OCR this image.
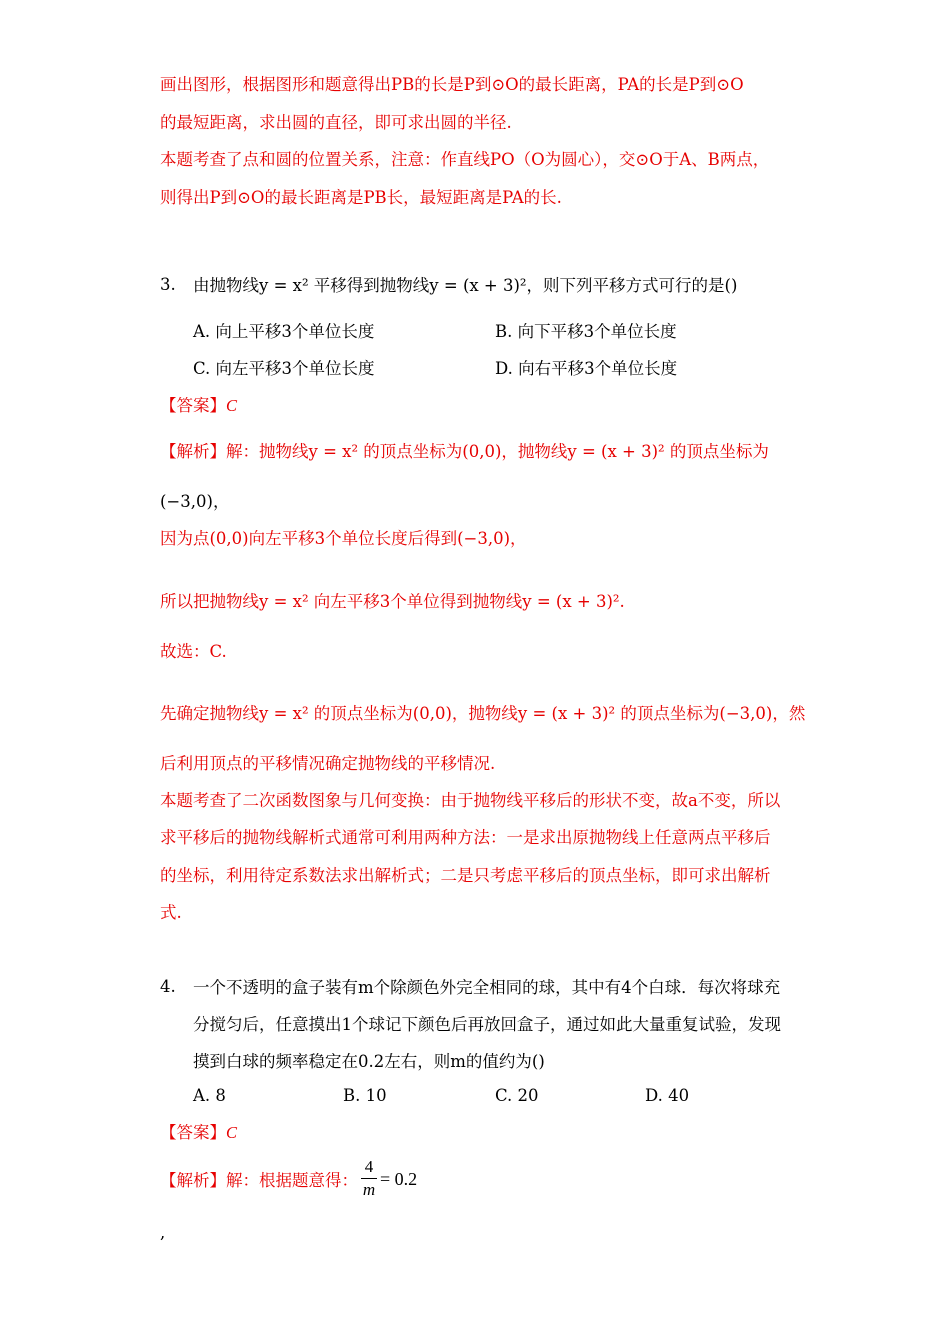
画出图形，根据图形和题意得出PB的长是P到⊙O的最长距离，PA的长是P到⊙O
的最短距离，求出圆的直径，即可求出圆的半径.
本题考查了点和圆的位置关系，注意：作直线PO（O为圆心），交⊙O于A、B两点，
则得出P到⊙O的最长距离是PB长，最短距离是PA的长.
3. 由抛物线y = x² 平移得到抛物线y = (x + 3)²，则下列平移方式可行的是()
A. 向上平移3个单位长度	B. 向下平移3个单位长度
C. 向左平移3个单位长度	D. 向右平移3个单位长度
【答案】C
【解析】解：抛物线y = x² 的顶点坐标为(0,0)，抛物线y = (x + 3)² 的顶点坐标为
(−3,0)，
因为点(0,0)向左平移3个单位长度后得到(−3,0)，
所以把抛物线y = x² 向左平移3个单位得到抛物线y = (x + 3)².
故选：C.
先确定抛物线y = x² 的顶点坐标为(0,0)，抛物线y = (x + 3)² 的顶点坐标为(−3,0)，然
后利用顶点的平移情况确定抛物线的平移情况.
本题考查了二次函数图象与几何变换：由于抛物线平移后的形状不变，故a不变，所以
求平移后的抛物线解析式通常可利用两种方法：一是求出原抛物线上任意两点平移后
的坐标，利用待定系数法求出解析式；二是只考虑平移后的顶点坐标，即可求出解析
式.
4. 一个不透明的盒子装有m个除颜色外完全相同的球，其中有4个白球．每次将球充
分搅匀后，任意摸出1个球记下颜色后再放回盒子，通过如此大量重复试验，发现
摸到白球的频率稳定在0.2左右，则m的值约为()
A. 8	B. 10	C. 20	D. 40
【答案】C
【解析】解：根据题意得：
4
m
= 0.2
,
